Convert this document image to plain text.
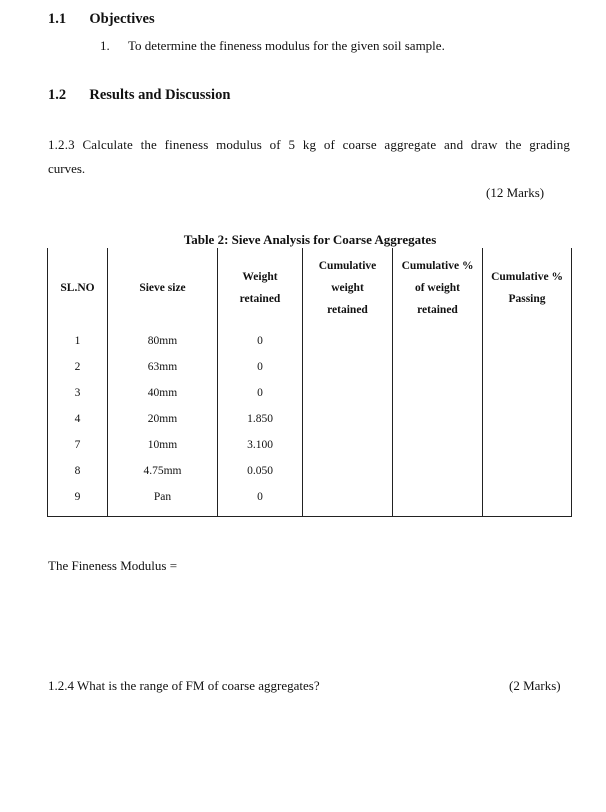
1.1 Objectives
1. To determine the fineness modulus for the given soil sample.
1.2 Results and Discussion
1.2.3 Calculate the fineness modulus of 5 kg of coarse aggregate and draw the grading
curves.
(12 Marks)
Table 2: Sieve Analysis for Coarse Aggregates
SL.NO	Sieve size	Weight retained	Cumulative weight retained	Cumulative % of weight retained	Cumulative % Passing
1	80mm	0			
2	63mm	0			
3	40mm	0			
4	20mm	1.850			
7	10mm	3.100			
8	4.75mm	0.050			
9	Pan	0			

The Fineness Modulus =
1.2.4 What is the range of FM of coarse aggregates?	(2 Marks)
